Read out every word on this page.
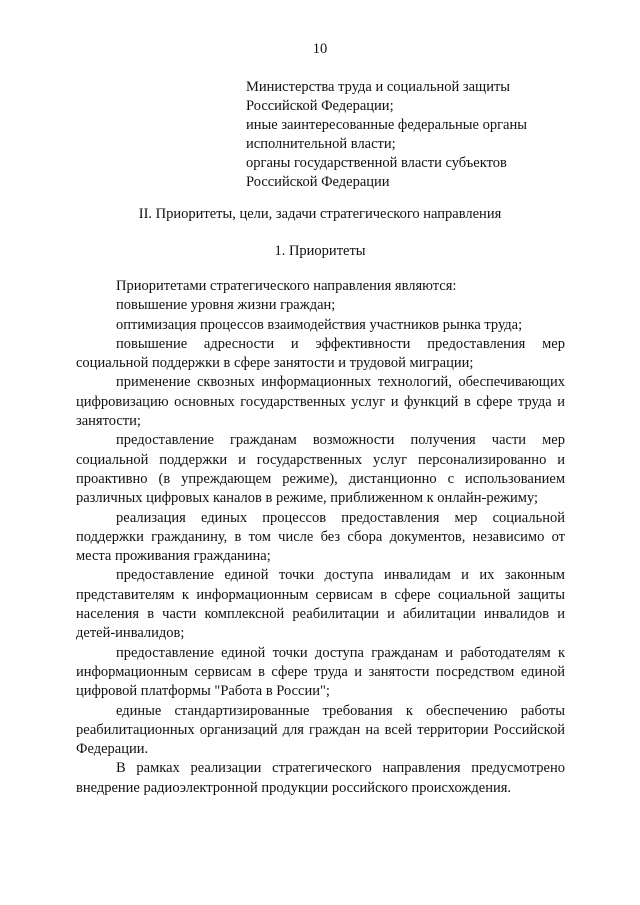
10
Министерства труда и социальной защиты
Российской Федерации;
иные заинтересованные федеральные органы
исполнительной власти;
органы государственной власти субъектов
Российской Федерации
II. Приоритеты, цели, задачи стратегического направления
1. Приоритеты

Приоритетами стратегического направления являются:

повышение уровня жизни граждан;

оптимизация процессов взаимодействия участников рынка труда;

повышение адресности и эффективности предоставления мер социальной поддержки в сфере занятости и трудовой миграции;

применение сквозных информационных технологий, обеспечивающих цифровизацию основных государственных услуг и функций в сфере труда и занятости;

предоставление гражданам возможности получения части мер социальной поддержки и государственных услуг персонализированно и проактивно (в упреждающем режиме), дистанционно с использованием различных цифровых каналов в режиме, приближенном к онлайн-режиму;

реализация единых процессов предоставления мер социальной поддержки гражданину, в том числе без сбора документов, независимо от места проживания гражданина;

предоставление единой точки доступа инвалидам и их законным представителям к информационным сервисам в сфере социальной защиты населения в части комплексной реабилитации и абилитации инвалидов и детей-инвалидов;

предоставление единой точки доступа гражданам и работодателям к информационным сервисам в сфере труда и занятости посредством единой цифровой платформы "Работа в России";

единые стандартизированные требования к обеспечению работы реабилитационных организаций для граждан на всей территории Российской Федерации.

В рамках реализации стратегического направления предусмотрено внедрение радиоэлектронной продукции российского происхождения.
